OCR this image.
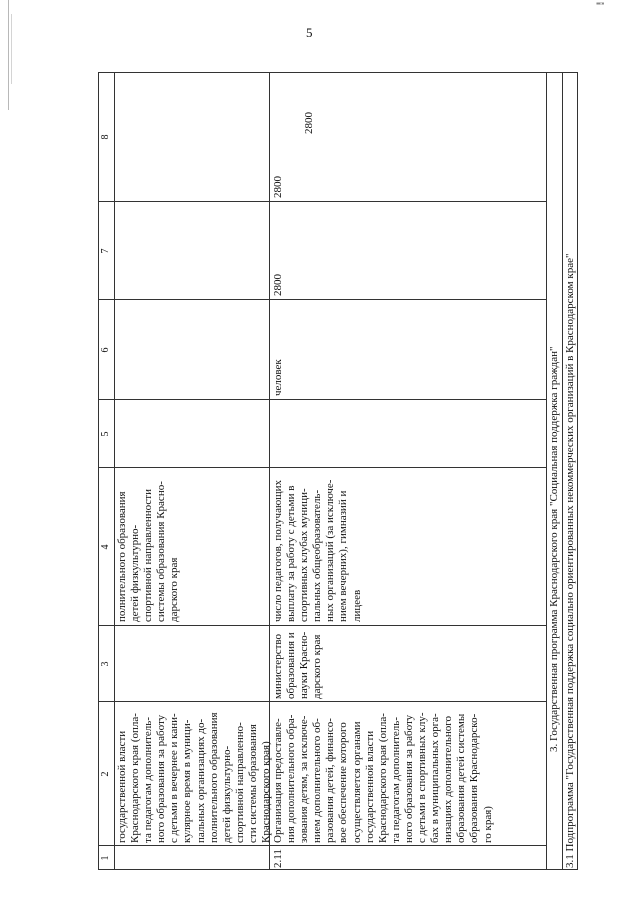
▪▪▫▪
5
1
2
3
4
5
6
7
8
государственной власти Краснодарского края (опла- та педагогам дополнитель- ного образования за работу с детьми в вечернее и кани- кулярное время в муници- пальных организациях до- полнительного образования детей физкультурно- спортивной направленно- сти системы образования Краснодарского края)
полнительного образования детей физкультурно- спортивной направленности системы образования Красно- дарского края
2.11
Организация предоставле- ния дополнительного обра- зования детям, за исключе- нием дополнительного об- разования детей, финансо- вое обеспечение которого осуществляется органами государственной власти Краснодарского края (опла- та педагогам дополнитель- ного образования за работу с детьми в спортивных клу- бах в муниципальных орга- низациях дополнительного образования детей системы образования Краснодарско- го края)
министерство образования и науки Красно- дарского края
число педагогов, получающих выплату за работу с детьми в спортивных клубах муници- пальных общеобразователь- ных организаций (за исключе- нием вечерних), гимназий и лицеев
человек
2800
2800
2800
3. Государственная программа Краснодарского края "Социальная поддержка граждан" 3.1 Подпрограмма "Государственная поддержка социально ориентированных некоммерческих организаций в Краснодарском крае"
